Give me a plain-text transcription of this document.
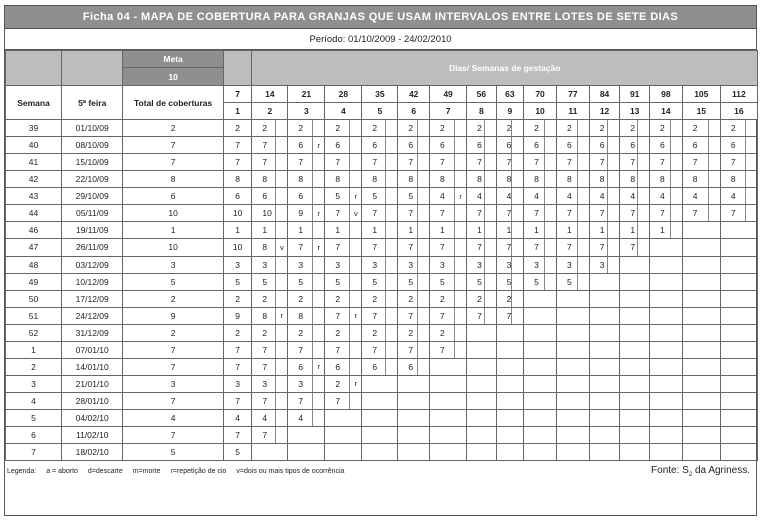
Ficha 04 - MAPA DE COBERTURA PARA GRANJAS QUE USAM INTERVALOS ENTRE LOTES DE SETE DIAS
Período: 01/10/2009 - 24/02/2010
		Meta		Dias/ Semanas de gestação														
		10																
Semana	5ª feira	Total de coberturas	7	14	21	28	35	42	49	56	63	70	77	84	91	98	105	112
			1	2	3	4	5	6	7	8	9	10	11	12	13	14	15	16
39	01/10/09	2	2	2	2	2	2	2	2	2	2	2	2	2	2	2	2	2

40	08/10/09	7	7	7	6 r	6	6	6	6	6	6	6	6	6	6	6	6	6

41	15/10/09	7	7	7	7	7	7	7	7	7	7	7	7	7	7	7	7	7

42	22/10/09	8	8	8	8	8	8	8	8	8	8	8	8	8	8	8	8	8

43	29/10/09	6	6	6	6	5 r	5	5	4 r	4	4	4	4	4	4	4	4	4

44	05/11/09	10	10	10	9 r	7 v	7	7	7	7	7	7	7	7	7	7	7	7

46	19/11/09	1	1	1	1	1	1	1	1	1	1	1	1	1	1	1		

47	26/11/09	10	10	8 v	7 r	7	7	7	7	7	7	7	7	7	7			

48	03/12/09	3	3	3	3	3	3	3	3	3	3	3	3	3				

49	10/12/09	5	5	5	5	5	5	5	5	5	5	5	5					

50	17/12/09	2	2	2	2	2	2	2	2	2	2							

51	24/12/09	9	9	8 r	8	7 r	7	7	7	7	7							

52	31/12/09	2	2	2	2	2	2	2	2									

1	07/01/10	7	7	7	7	7	7	7	7									

2	14/01/10	7	7	7	6 r	6	6	6										

3	21/01/10	3	3	3	3	2 r												

4	28/01/10	7	7	7	7	7												

5	04/02/10	4	4	4	4													

6	11/02/10	7	7	7														

7	18/02/10	5	5															
Legenda: a = aborto d=descarte m=morte r=repetição de cio v=dois ou mais tipos de ocorrência	Fonte: $S_2$ da Agriness.
